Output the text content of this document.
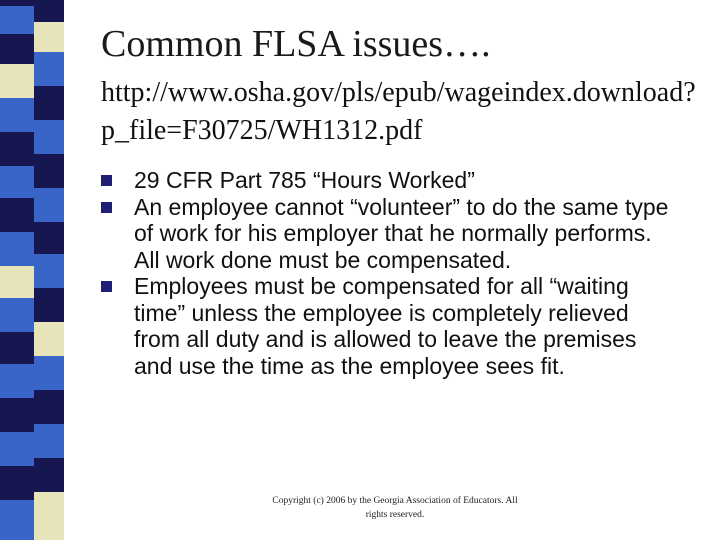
Common FLSA issues….
http://www.osha.gov/pls/epub/wageindex.download?p_file=F30725/WH1312.pdf
29 CFR Part 785 “Hours Worked”
An employee cannot “volunteer” to do the same type of work for his employer that he normally performs. All work done must be compensated.
Employees must be compensated for all “waiting time” unless the employee is completely relieved from all duty and is allowed to leave the premises and use the time as the employee sees fit.
Copyright (c) 2006 by the Georgia Association of Educators. All rights reserved.
